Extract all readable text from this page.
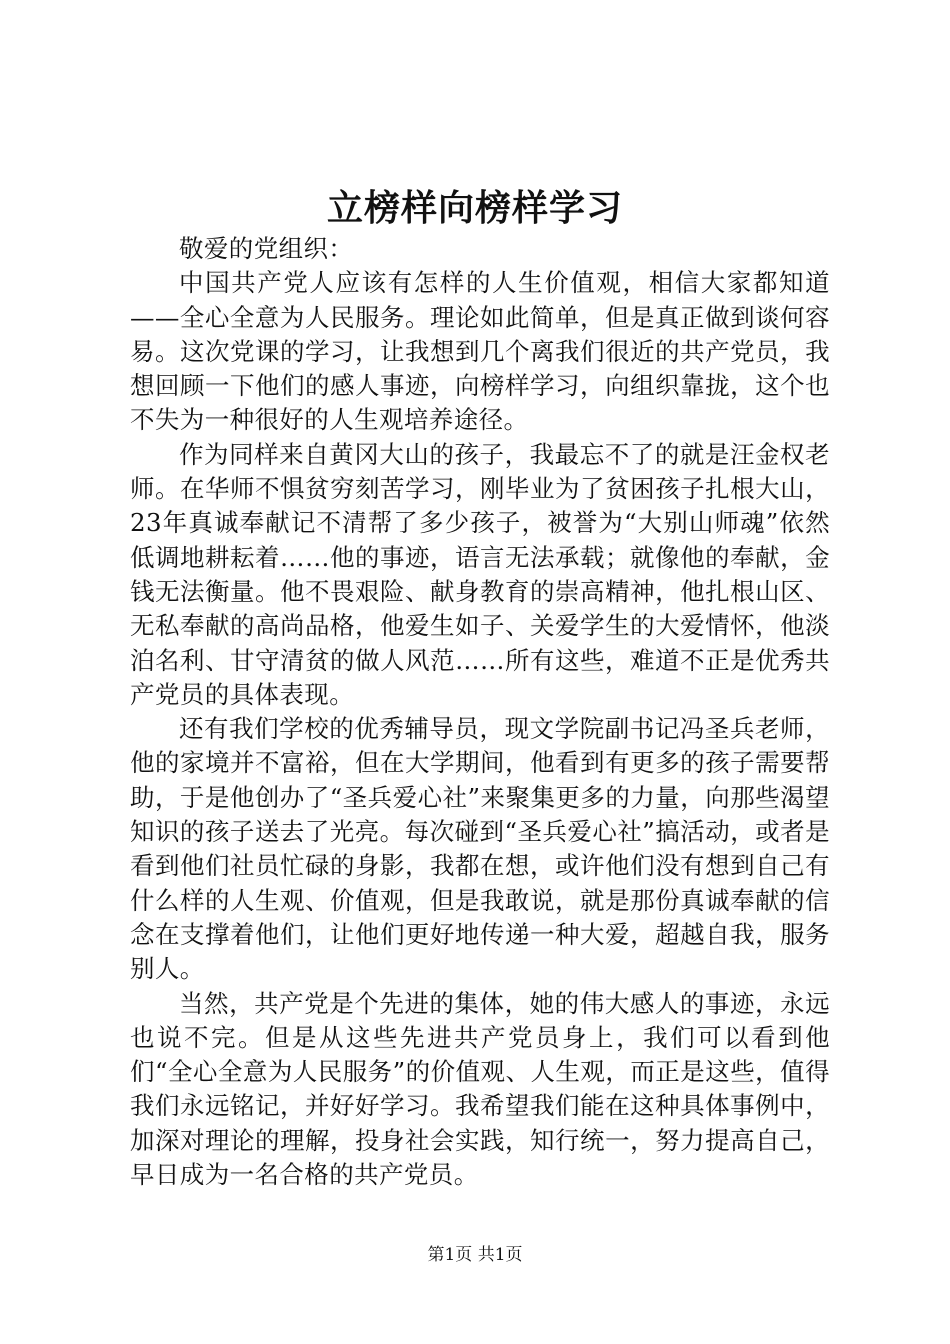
立榜样向榜样学习

敬爱的党组织：

中国共产党人应该有怎样的人生价值观，相信大家都知道——全心全意为人民服务。理论如此简单，但是真正做到谈何容易。这次党课的学习，让我想到几个离我们很近的共产党员，我想回顾一下他们的感人事迹，向榜样学习，向组织靠拢，这个也不失为一种很好的人生观培养途径。

作为同样来自黄冈大山的孩子，我最忘不了的就是汪金权老师。在华师不惧贫穷刻苦学习，刚毕业为了贫困孩子扎根大山，23年真诚奉献记不清帮了多少孩子，被誉为“大别山师魂”依然低调地耕耘着……他的事迹，语言无法承载；就像他的奉献，金钱无法衡量。他不畏艰险、献身教育的崇高精神，他扎根山区、无私奉献的高尚品格，他爱生如子、关爱学生的大爱情怀，他淡泊名利、甘守清贫的做人风范……所有这些，难道不正是优秀共产党员的具体表现。

还有我们学校的优秀辅导员，现文学院副书记冯圣兵老师，他的家境并不富裕，但在大学期间，他看到有更多的孩子需要帮助，于是他创办了“圣兵爱心社”来聚集更多的力量，向那些渴望知识的孩子送去了光亮。每次碰到“圣兵爱心社”搞活动，或者是看到他们社员忙碌的身影，我都在想，或许他们没有想到自己有什么样的人生观、价值观，但是我敢说，就是那份真诚奉献的信念在支撑着他们，让他们更好地传递一种大爱，超越自我，服务别人。

当然，共产党是个先进的集体，她的伟大感人的事迹，永远也说不完。但是从这些先进共产党员身上，我们可以看到他们“全心全意为人民服务”的价值观、人生观，而正是这些，值得我们永远铭记，并好好学习。我希望我们能在这种具体事例中，加深对理论的理解，投身社会实践，知行统一，努力提高自己，早日成为一名合格的共产党员。

第1页 共1页
